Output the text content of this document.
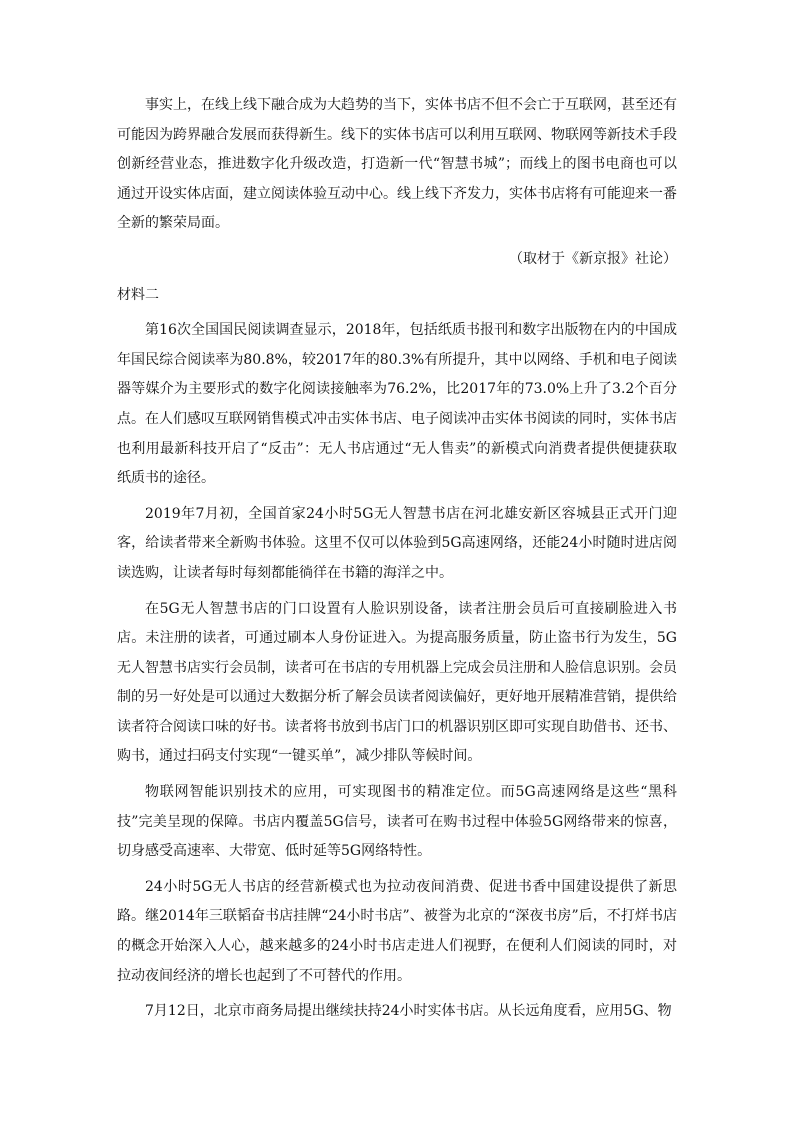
事实上，在线上线下融合成为大趋势的当下，实体书店不但不会亡于互联网，甚至还有可能因为跨界融合发展而获得新生。线下的实体书店可以利用互联网、物联网等新技术手段创新经营业态，推进数字化升级改造，打造新一代“智慧书城”；而线上的图书电商也可以通过开设实体店面，建立阅读体验互动中心。线上线下齐发力，实体书店将有可能迎来一番全新的繁荣局面。

（取材于《新京报》社论）

材料二

第16次全国国民阅读调查显示，2018年，包括纸质书报刊和数字出版物在内的中国成年国民综合阅读率为80.8%，较2017年的80.3%有所提升，其中以网络、手机和电子阅读器等媒介为主要形式的数字化阅读接触率为76.2%，比2017年的73.0%上升了3.2个百分点。在人们感叹互联网销售模式冲击实体书店、电子阅读冲击实体书阅读的同时，实体书店也利用最新科技开启了“反击”：无人书店通过“无人售卖”的新模式向消费者提供便捷获取纸质书的途径。

2019年7月初，全国首家24小时5G无人智慧书店在河北雄安新区容城县正式开门迎客，给读者带来全新购书体验。这里不仅可以体验到5G高速网络，还能24小时随时进店阅读选购，让读者每时每刻都能徜徉在书籍的海洋之中。

在5G无人智慧书店的门口设置有人脸识别设备，读者注册会员后可直接刷脸进入书店。未注册的读者，可通过刷本人身份证进入。为提高服务质量，防止盗书行为发生，5G无人智慧书店实行会员制，读者可在书店的专用机器上完成会员注册和人脸信息识别。会员制的另一好处是可以通过大数据分析了解会员读者阅读偏好，更好地开展精准营销，提供给读者符合阅读口味的好书。读者将书放到书店门口的机器识别区即可实现自助借书、还书、购书，通过扫码支付实现“一键买单”，减少排队等候时间。

物联网智能识别技术的应用，可实现图书的精准定位。而5G高速网络是这些“黑科技”完美呈现的保障。书店内覆盖5G信号，读者可在购书过程中体验5G网络带来的惊喜，切身感受高速率、大带宽、低时延等5G网络特性。

24小时5G无人书店的经营新模式也为拉动夜间消费、促进书香中国建设提供了新思路。继2014年三联韬奋书店挂牌“24小时书店”、被誉为北京的“深夜书房”后，不打烊书店的概念开始深入人心，越来越多的24小时书店走进人们视野，在便利人们阅读的同时，对拉动夜间经济的增长也起到了不可替代的作用。

7月12日，北京市商务局提出继续扶持24小时实体书店。从长远角度看，应用5G、物
